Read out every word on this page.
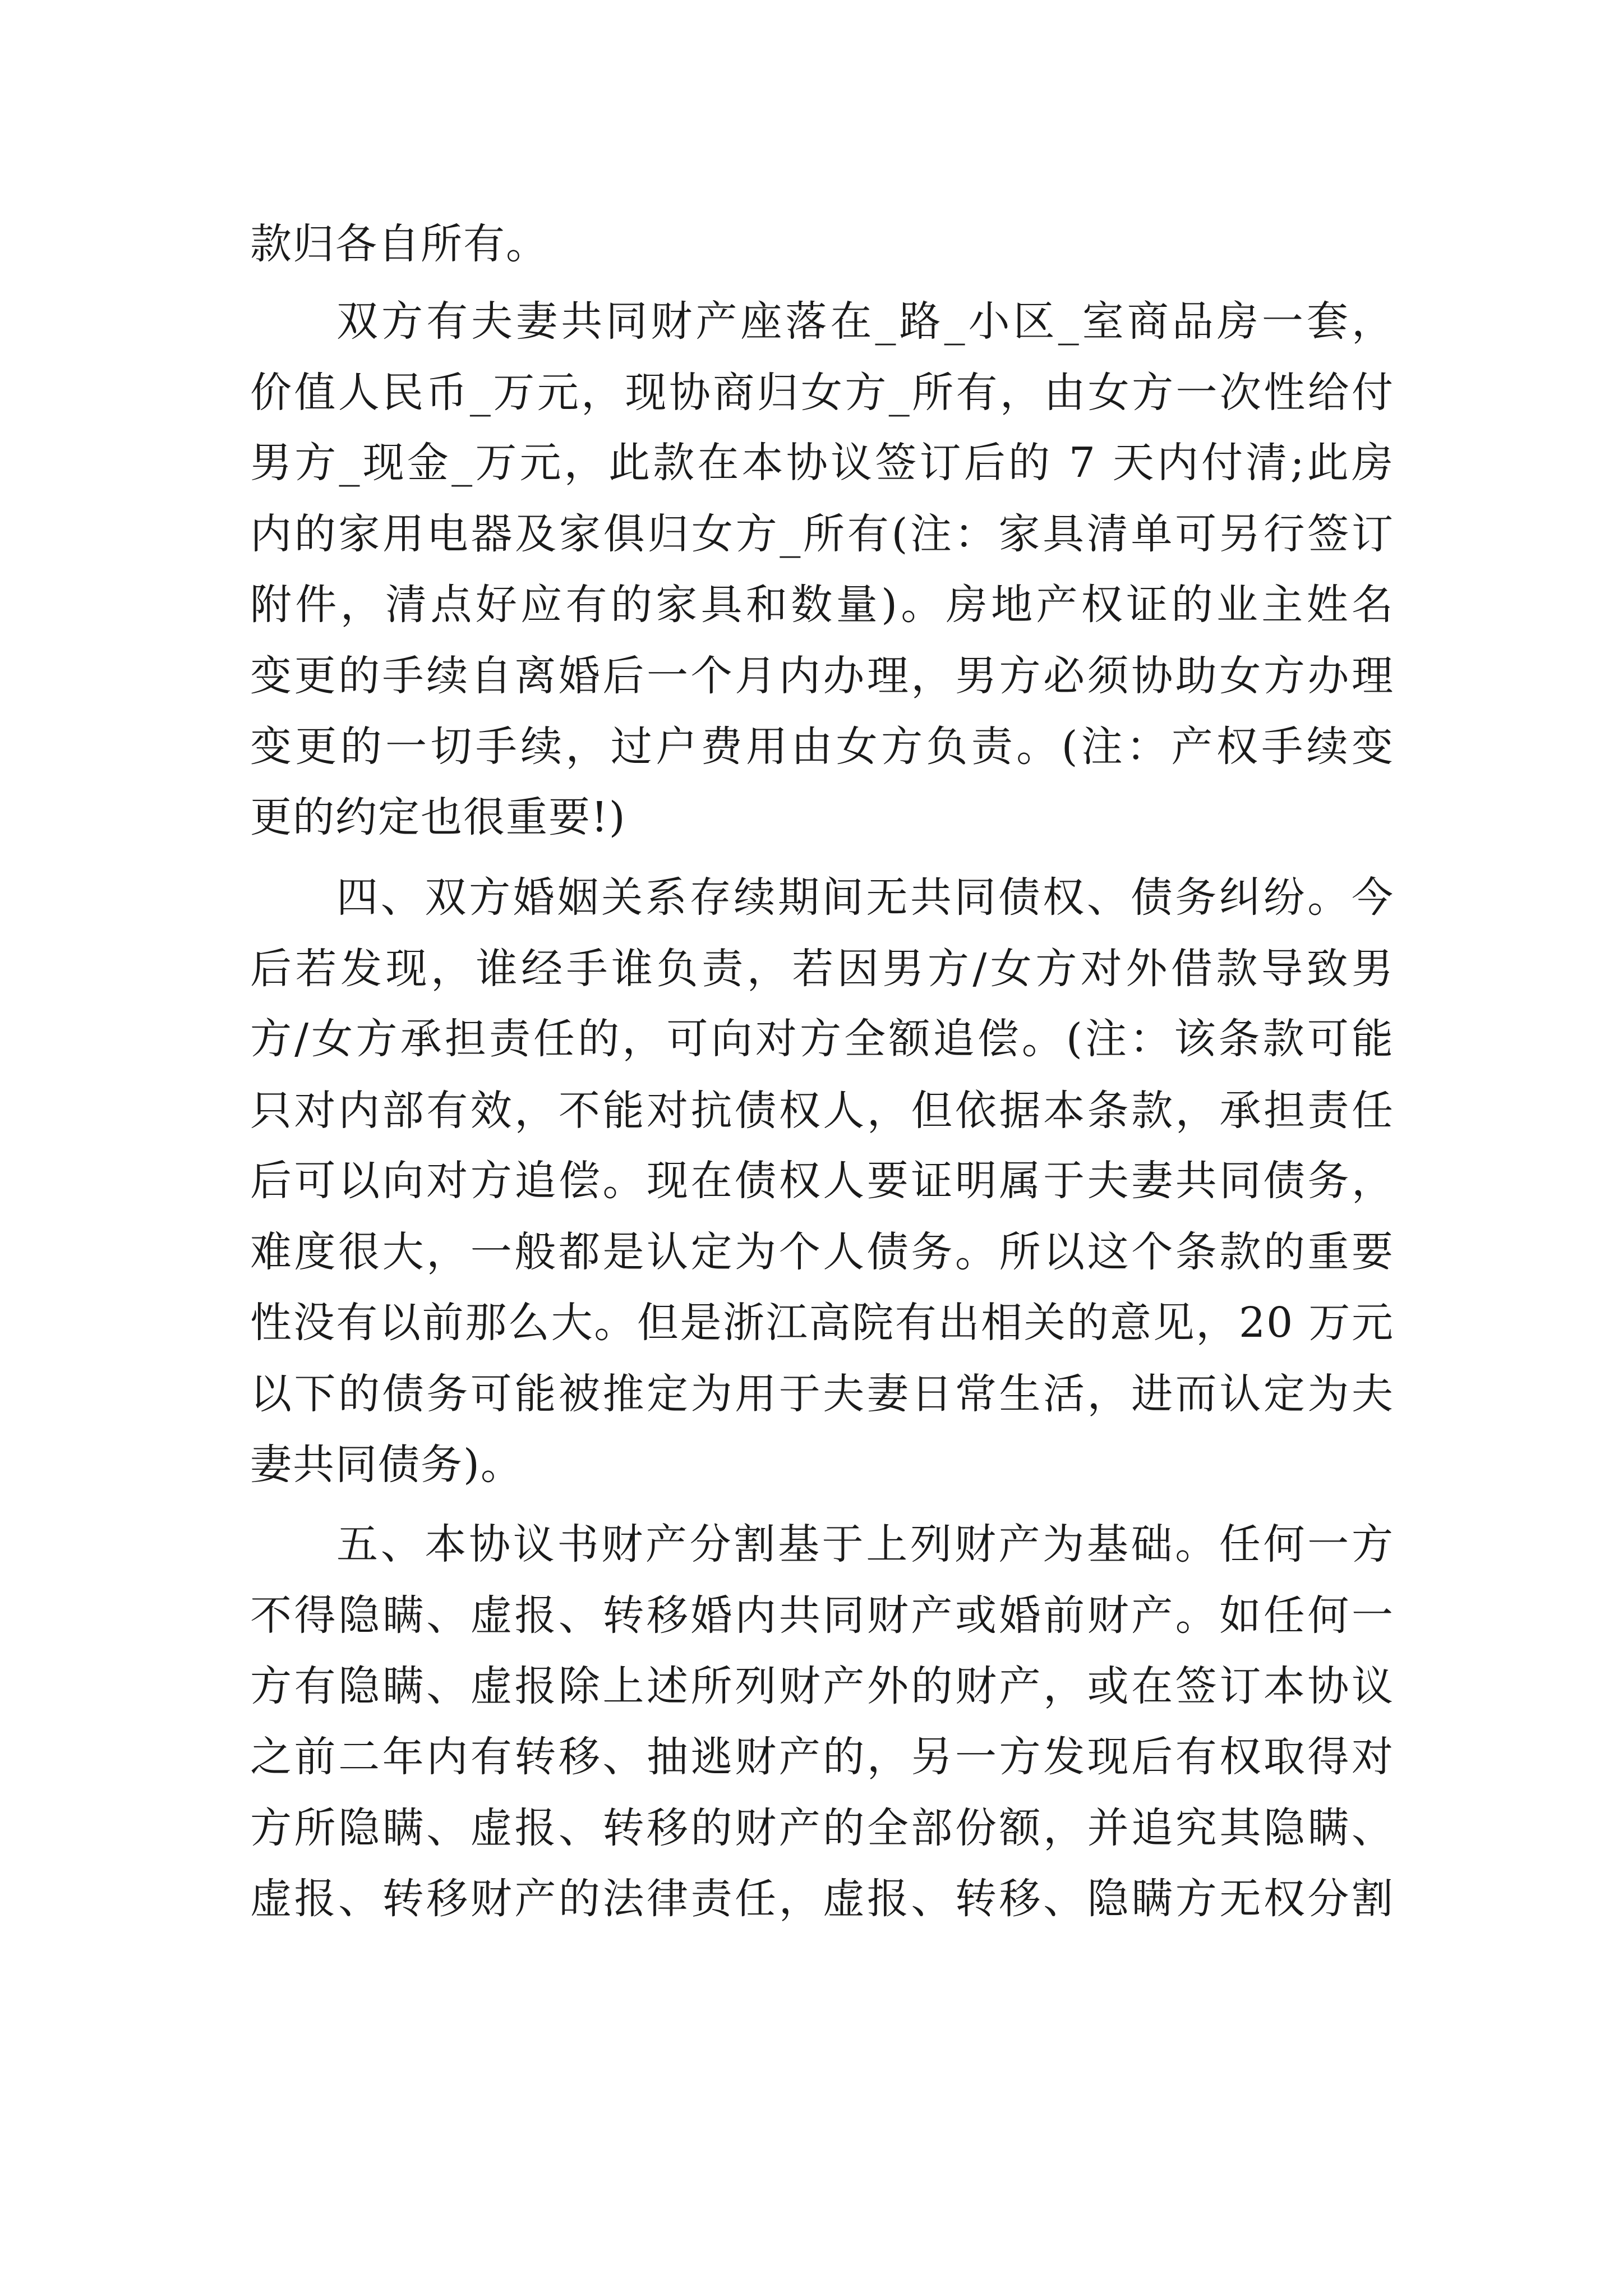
款归各自所有。

双方有夫妻共同财产座落在_路_小区_室商品房一套，

价值人民币_万元，现协商归女方_所有，由女方一次性给付

男方_现金_万元，此款在本协议签订后的 7 天内付清;此房

内的家用电器及家俱归女方_所有(注：家具清单可另行签订

附件，清点好应有的家具和数量)。房地产权证的业主姓名

变更的手续自离婚后一个月内办理，男方必须协助女方办理

变更的一切手续，过户费用由女方负责。(注：产权手续变

更的约定也很重要!)

四、双方婚姻关系存续期间无共同债权、债务纠纷。今

后若发现，谁经手谁负责，若因男方/女方对外借款导致男

方/女方承担责任的，可向对方全额追偿。(注：该条款可能

只对内部有效，不能对抗债权人，但依据本条款，承担责任

后可以向对方追偿。现在债权人要证明属于夫妻共同债务，

难度很大，一般都是认定为个人债务。所以这个条款的重要

性没有以前那么大。但是浙江高院有出相关的意见，20 万元

以下的债务可能被推定为用于夫妻日常生活，进而认定为夫

妻共同债务)。

五、本协议书财产分割基于上列财产为基础。任何一方

不得隐瞒、虚报、转移婚内共同财产或婚前财产。如任何一

方有隐瞒、虚报除上述所列财产外的财产，或在签订本协议

之前二年内有转移、抽逃财产的，另一方发现后有权取得对

方所隐瞒、虚报、转移的财产的全部份额，并追究其隐瞒、

虚报、转移财产的法律责任，虚报、转移、隐瞒方无权分割
